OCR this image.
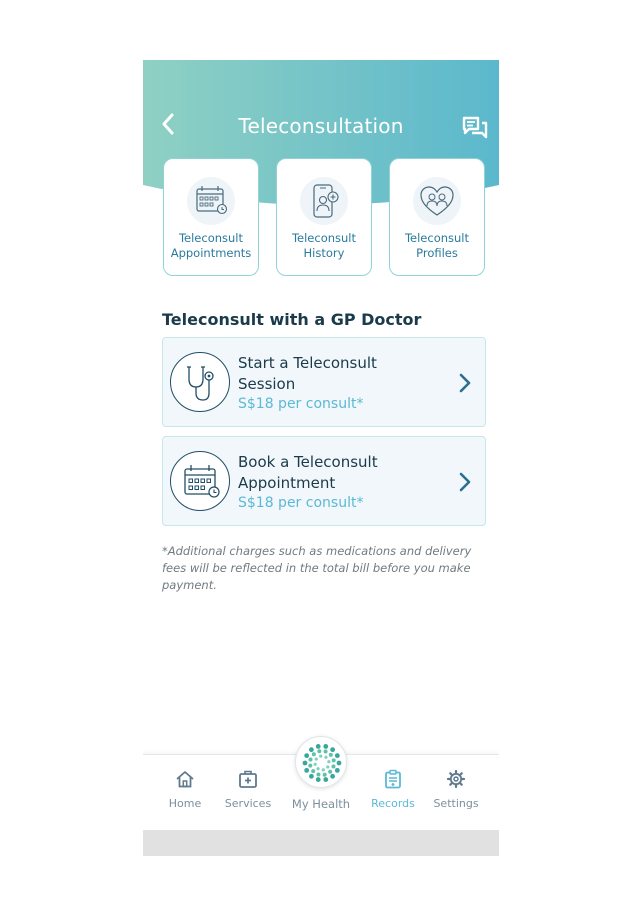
Teleconsultation
Teleconsult Appointments
Teleconsult History
Teleconsult Profiles
Teleconsult with a GP Doctor
Start a Teleconsult
Session
S$18 per consult*
Book a Teleconsult
Appointment
S$18 per consult*
*Additional charges such as medications and delivery fees will be reflected in the total bill before you make payment.
Home	Services	My Health	Records	Settings
